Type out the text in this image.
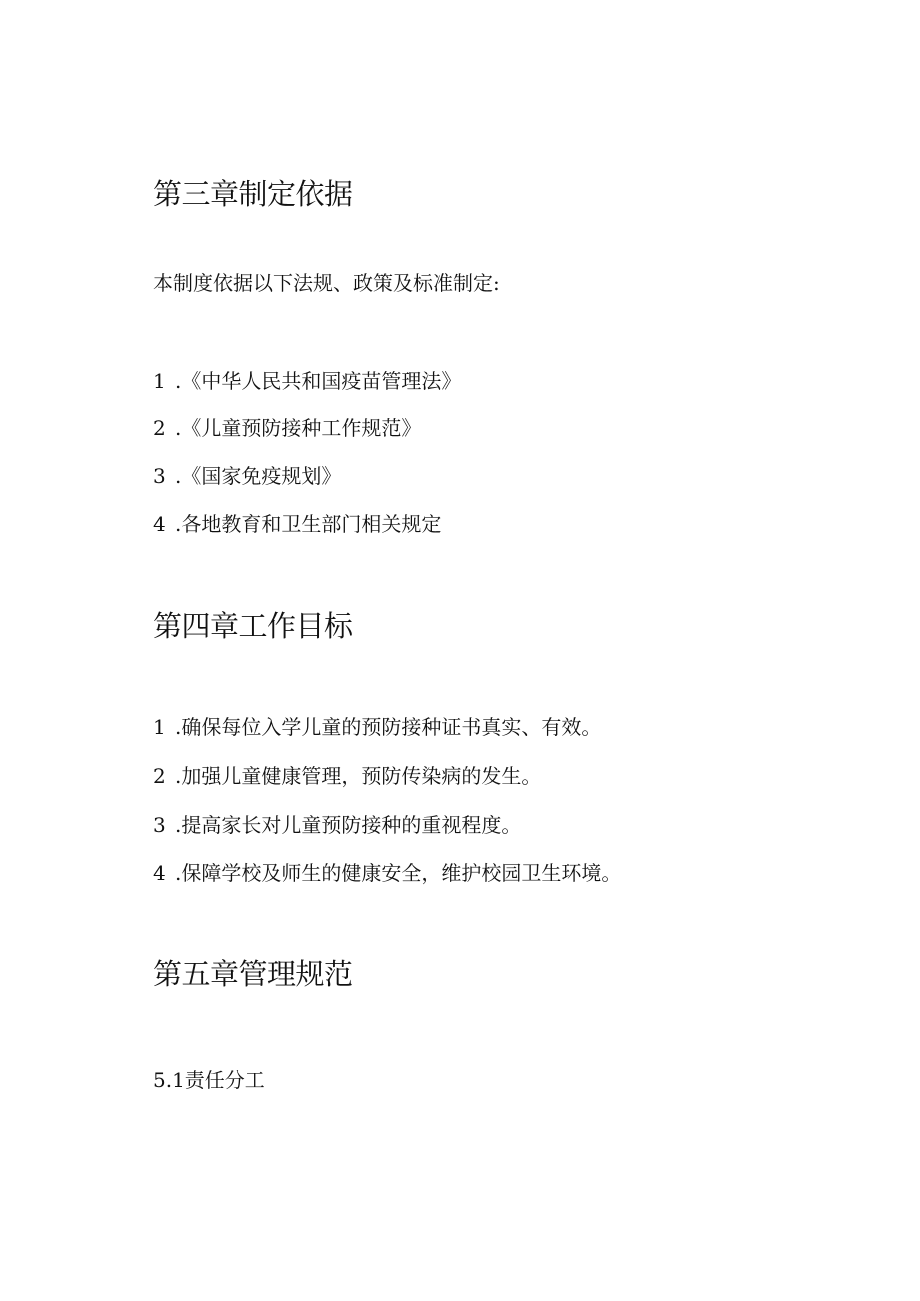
第三章制定依据

本制度依据以下法规、政策及标准制定:

1 .《中华人民共和国疫苗管理法》
2 .《儿童预防接种工作规范》
3 .《国家免疫规划》
4 .各地教育和卫生部门相关规定
第四章工作目标
1 .确保每位入学儿童的预防接种证书真实、有效。
2 .加强儿童健康管理，预防传染病的发生。
3 .提高家长对儿童预防接种的重视程度。
4 .保障学校及师生的健康安全，维护校园卫生环境。
第五章管理规范

5.1责任分工
